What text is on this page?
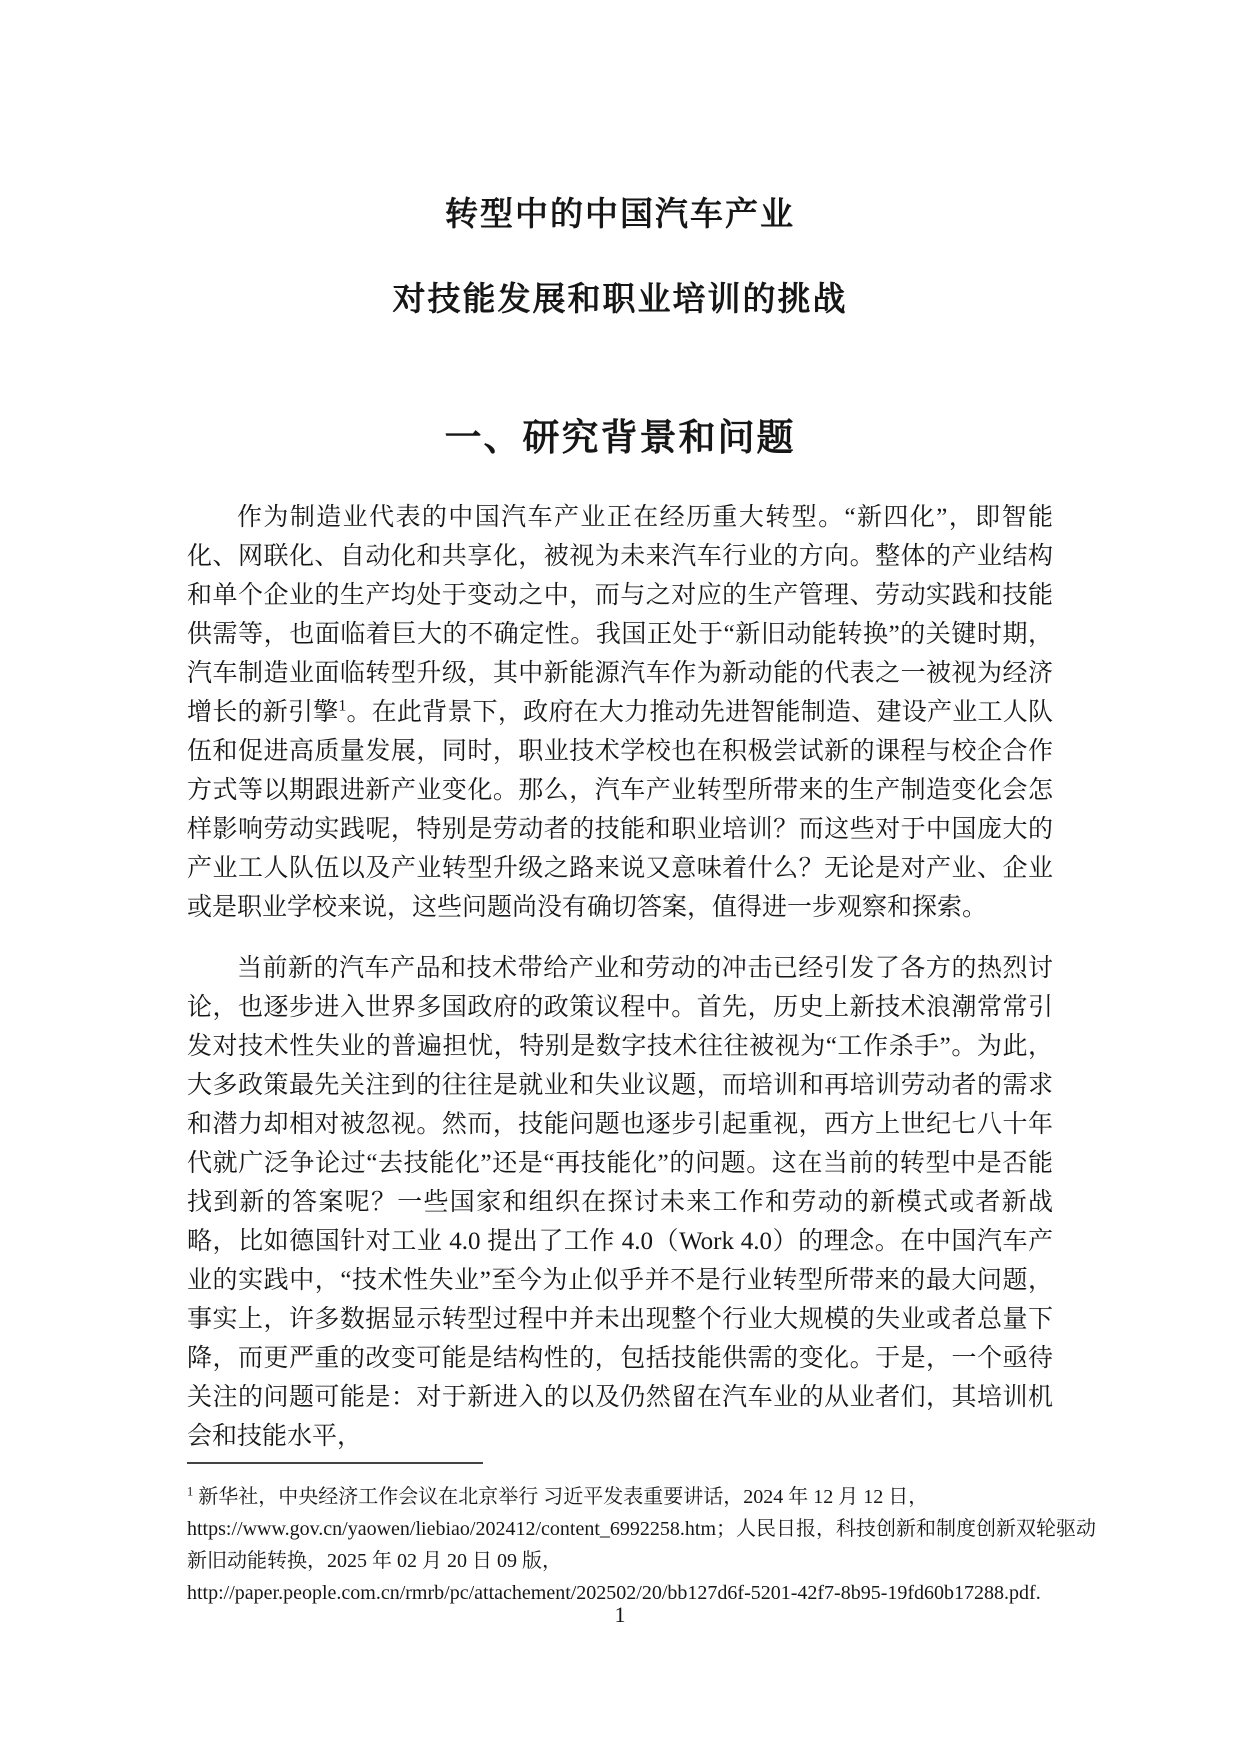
转型中的中国汽车产业
对技能发展和职业培训的挑战
一、研究背景和问题

作为制造业代表的中国汽车产业正在经历重大转型。“新四化”，即智能化、网联化、自动化和共享化，被视为未来汽车行业的方向。整体的产业结构和单个企业的生产均处于变动之中，而与之对应的生产管理、劳动实践和技能供需等，也面临着巨大的不确定性。我国正处于“新旧动能转换”的关键时期，汽车制造业面临转型升级，其中新能源汽车作为新动能的代表之一被视为经济增长的新引擎$^1$。在此背景下，政府在大力推动先进智能制造、建设产业工人队伍和促进高质量发展，同时，职业技术学校也在积极尝试新的课程与校企合作方式等以期跟进新产业变化。那么，汽车产业转型所带来的生产制造变化会怎样影响劳动实践呢，特别是劳动者的技能和职业培训？而这些对于中国庞大的产业工人队伍以及产业转型升级之路来说又意味着什么？无论是对产业、企业或是职业学校来说，这些问题尚没有确切答案，值得进一步观察和探索。

当前新的汽车产品和技术带给产业和劳动的冲击已经引发了各方的热烈讨论，也逐步进入世界多国政府的政策议程中。首先，历史上新技术浪潮常常引发对技术性失业的普遍担忧，特别是数字技术往往被视为“工作杀手”。为此，大多政策最先关注到的往往是就业和失业议题，而培训和再培训劳动者的需求和潜力却相对被忽视。然而，技能问题也逐步引起重视，西方上世纪七八十年代就广泛争论过“去技能化”还是“再技能化”的问题。这在当前的转型中是否能找到新的答案呢？一些国家和组织在探讨未来工作和劳动的新模式或者新战略，比如德国针对工业 4.0 提出了工作 4.0（Work 4.0）的理念。在中国汽车产业的实践中，“技术性失业”至今为止似乎并不是行业转型所带来的最大问题，事实上，许多数据显示转型过程中并未出现整个行业大规模的失业或者总量下降，而更严重的改变可能是结构性的，包括技能供需的变化。于是，一个亟待关注的问题可能是：对于新进入的以及仍然留在汽车业的从业者们，其培训机会和技能水平，

$^1$ 新华社，中央经济工作会议在北京举行 习近平发表重要讲话，2024 年 12 月 12 日，
https://www.gov.cn/yaowen/liebiao/202412/content_6992258.htm；人民日报，科技创新和制度创新双轮驱动
新旧动能转换，2025 年 02 月 20 日 09 版，
http://paper.people.com.cn/rmrb/pc/attachement/202502/20/bb127d6f-5201-42f7-8b95-19fd60b17288.pdf.
1
